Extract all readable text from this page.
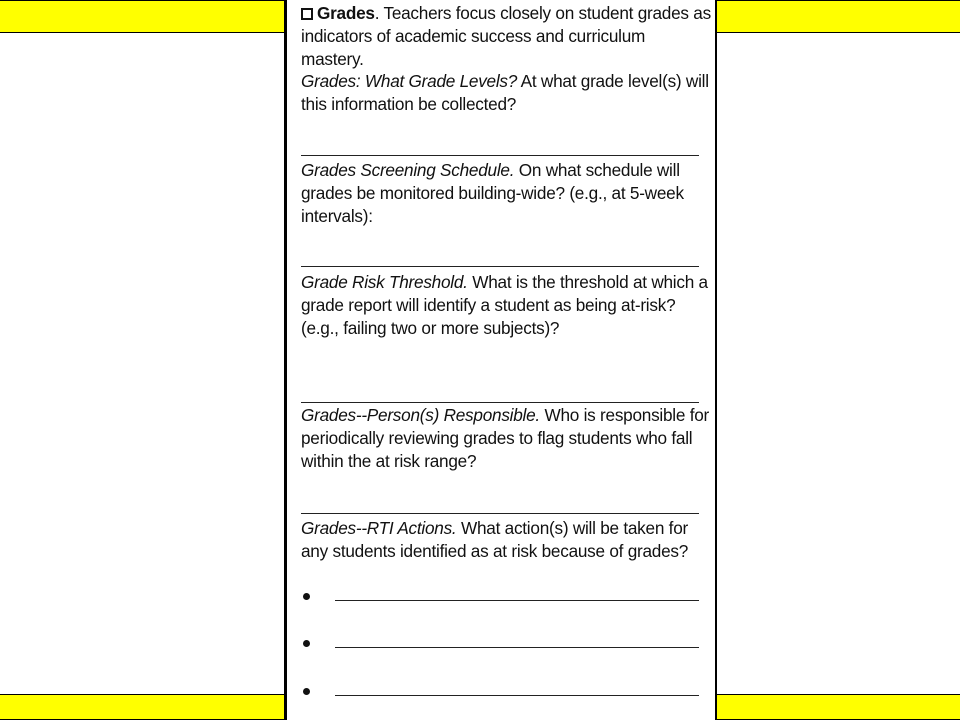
Grades. Teachers focus closely on student grades as indicators of academic success and curriculum mastery.
Grades: What Grade Levels? At what grade level(s) will this information be collected?
Grades Screening Schedule. On what schedule will grades be monitored building-wide? (e.g., at 5-week intervals):
Grade Risk Threshold. What is the threshold at which a grade report will identify a student as being at-risk? (e.g., failing two or more subjects)?
Grades--Person(s) Responsible. Who is responsible for periodically reviewing grades to flag students who fall within the at risk range?
Grades--RTI Actions. What action(s) will be taken for any students identified as at risk because of grades?
